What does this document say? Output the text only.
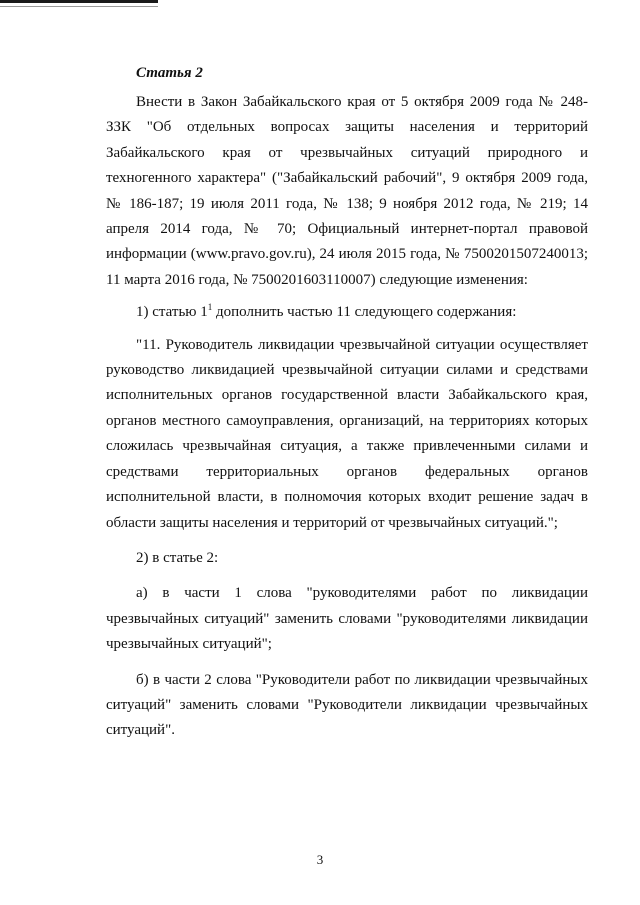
Статья 2

Внести в Закон Забайкальского края от 5 октября 2009 года № 248-ЗЗК "Об отдельных вопросах защиты населения и территорий Забайкальского края от чрезвычайных ситуаций природного и техногенного характера" ("Забайкальский рабочий", 9 октября 2009 года, № 186-187; 19 июля 2011 года, № 138; 9 ноября 2012 года, № 219; 14 апреля 2014 года, № 70; Официальный интернет-портал правовой информации (www.pravo.gov.ru), 24 июля 2015 года, № 7500201507240013; 11 марта 2016 года, № 7500201603110007) следующие изменения:

1) статью $1^1$ дополнить частью 11 следующего содержания:

"11. Руководитель ликвидации чрезвычайной ситуации осуществляет руководство ликвидацией чрезвычайной ситуации силами и средствами исполнительных органов государственной власти Забайкальского края, органов местного самоуправления, организаций, на территориях которых сложилась чрезвычайная ситуация, а также привлеченными силами и средствами территориальных органов федеральных органов исполнительной власти, в полномочия которых входит решение задач в области защиты населения и территорий от чрезвычайных ситуаций.";

2) в статье 2:

а) в части 1 слова "руководителями работ по ликвидации чрезвычайных ситуаций" заменить словами "руководителями ликвидации чрезвычайных ситуаций";

б) в части 2 слова "Руководители работ по ликвидации чрезвычайных ситуаций" заменить словами "Руководители ликвидации чрезвычайных ситуаций".

3
